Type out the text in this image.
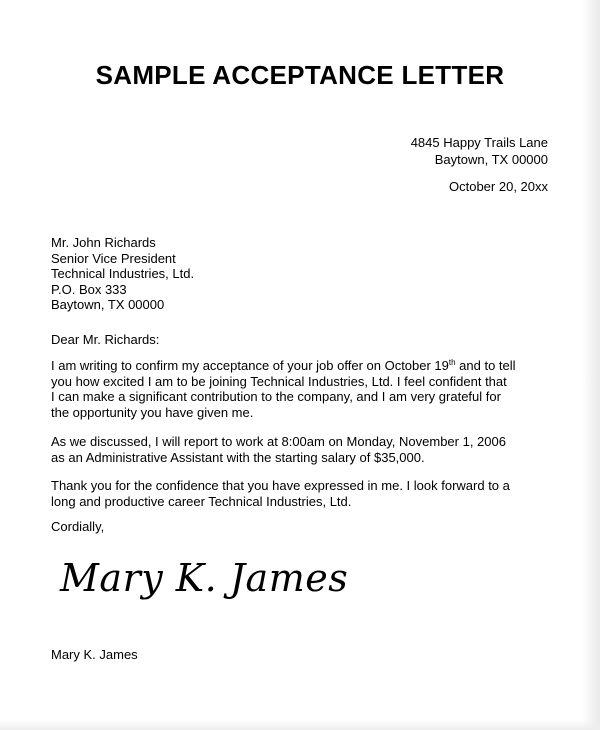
SAMPLE ACCEPTANCE LETTER
4845 Happy Trails Lane
Baytown, TX 00000
October 20, 20xx
Mr. John Richards
Senior Vice President
Technical Industries, Ltd.
P.O. Box 333
Baytown, TX 00000
Dear Mr. Richards:
I am writing to confirm my acceptance of your job offer on October 19th and to tell
you how excited I am to be joining Technical Industries, Ltd. I feel confident that
I can make a significant contribution to the company, and I am very grateful for
the opportunity you have given me.
As we discussed, I will report to work at 8:00am on Monday, November 1, 2006
as an Administrative Assistant with the starting salary of $35,000.
Thank you for the confidence that you have expressed in me. I look forward to a
long and productive career Technical Industries, Ltd.
Cordially,
Mary K. James
Mary K. James
